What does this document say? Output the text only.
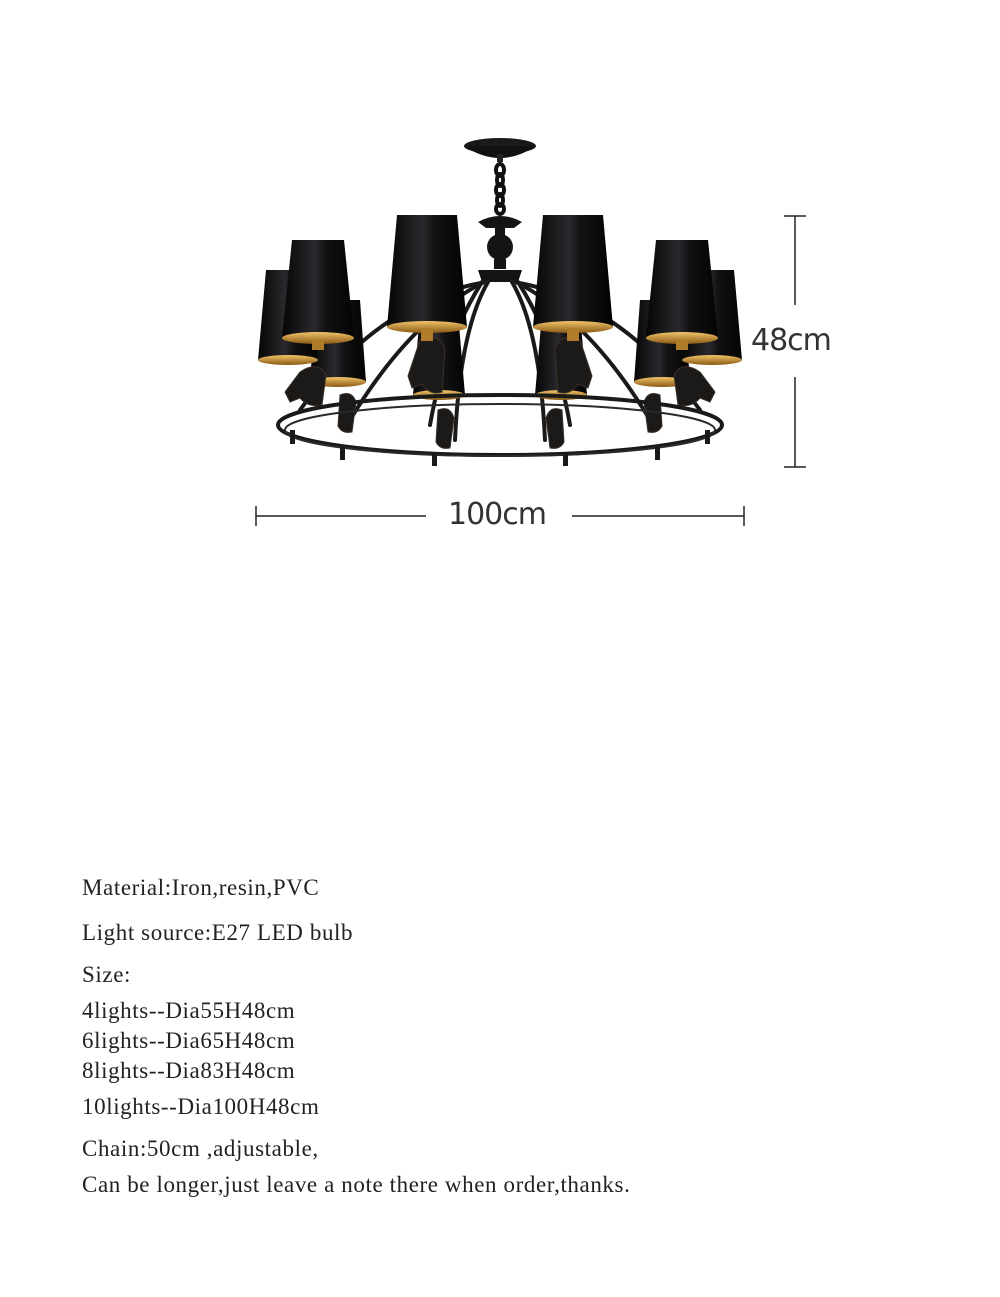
100cm
48cm
Material:Iron,resin,PVC
Light source:E27 LED bulb
Size:
4lights--Dia55H48cm
6lights--Dia65H48cm
8lights--Dia83H48cm
10lights--Dia100H48cm
Chain:50cm ,adjustable,
Can be longer,just leave a note there when order,thanks.
